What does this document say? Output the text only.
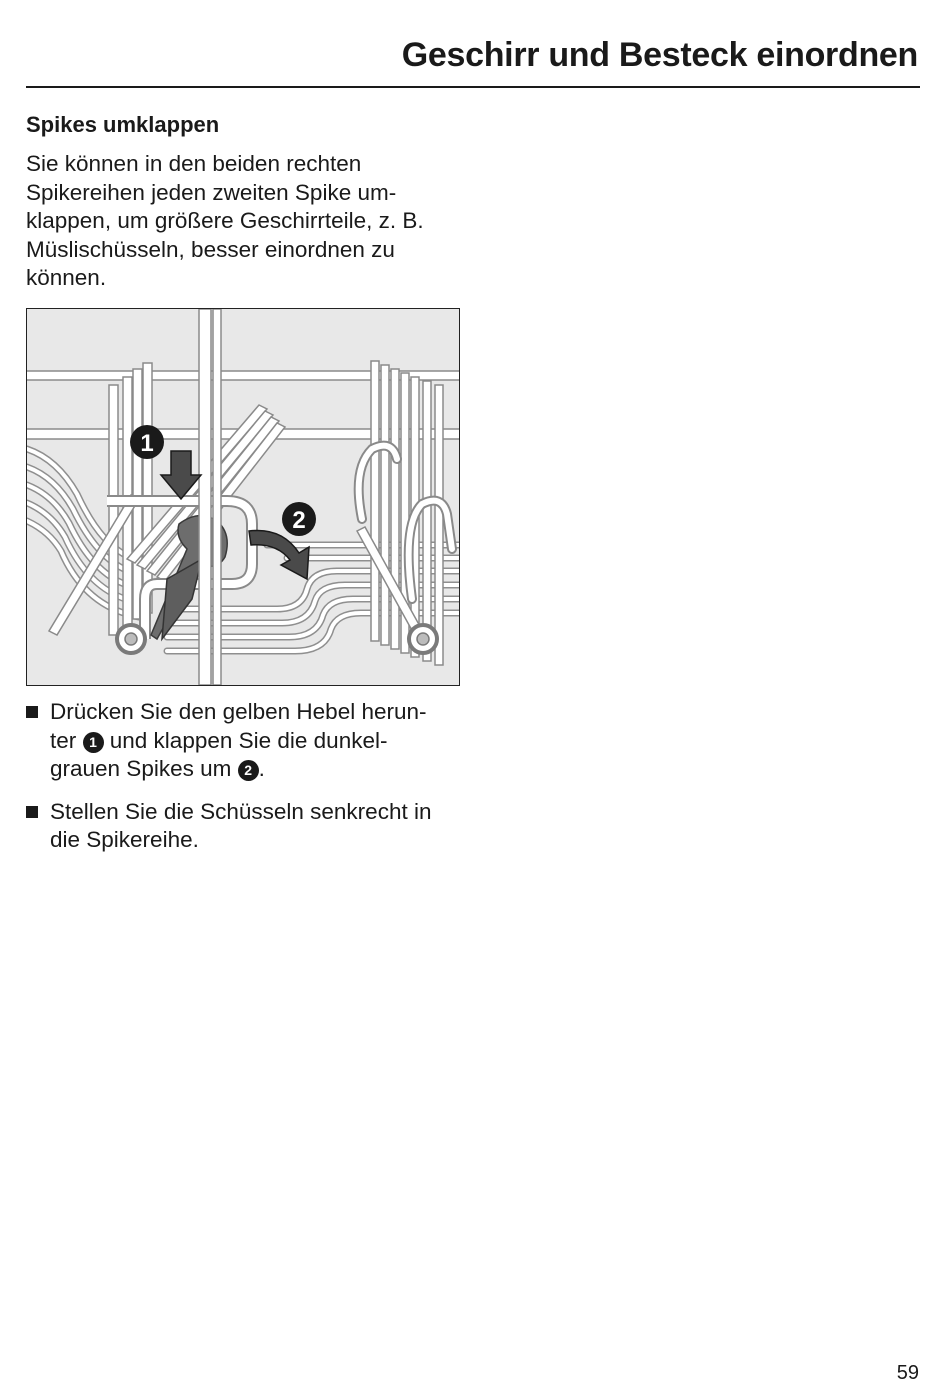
Geschirr und Besteck einordnen
Spikes umklappen
Sie können in den beiden rechten
Spikereihen jeden zweiten Spike um-
klappen, um größere Geschirrteile, z. B.
Müslischüsseln, besser einordnen zu
können.
1
2
Drücken Sie den gelben Hebel herun-
ter 1 und klappen Sie die dunkel-
grauen Spikes um 2 .
Stellen Sie die Schüsseln senkrecht in
die Spikereihe.
59
